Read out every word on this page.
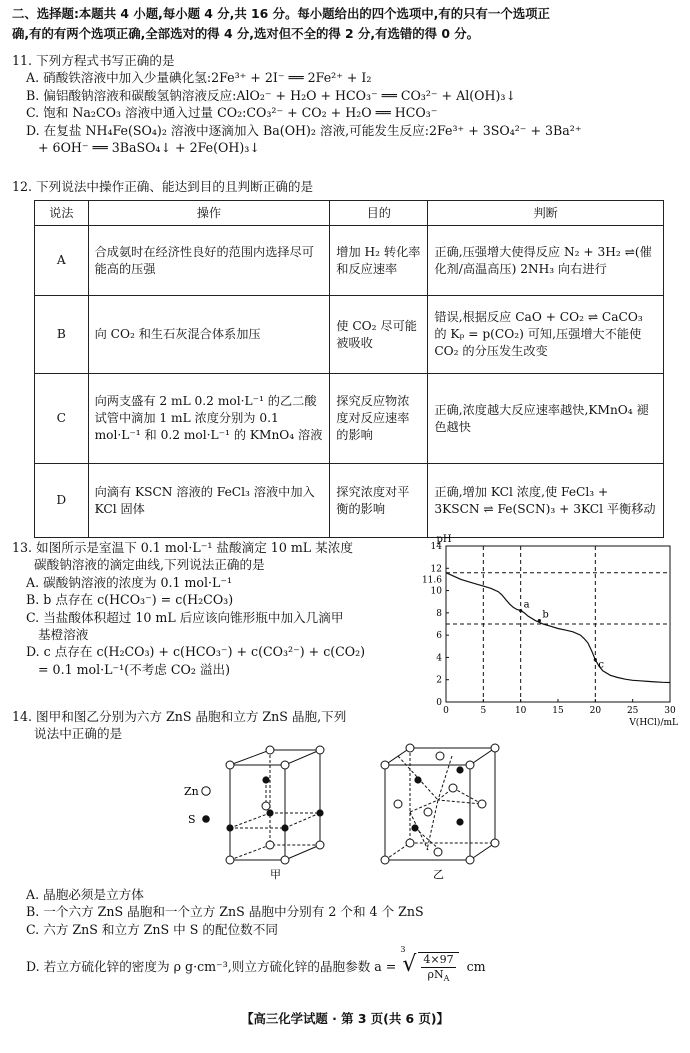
二、选择题:本题共 4 小题,每小题 4 分,共 16 分。每小题给出的四个选项中,有的只有一个选项正
确,有的有两个选项正确,全部选对的得 4 分,选对但不全的得 2 分,有选错的得 0 分。
11. 下列方程式书写正确的是
A. 硝酸铁溶液中加入少量碘化氢:2Fe³⁺ + 2I⁻ ══ 2Fe²⁺ + I₂
B. 偏铝酸钠溶液和碳酸氢钠溶液反应:AlO₂⁻ + H₂O + HCO₃⁻ ══ CO₃²⁻ + Al(OH)₃↓
C. 饱和 Na₂CO₃ 溶液中通入过量 CO₂:CO₃²⁻ + CO₂ + H₂O ══ HCO₃⁻
D. 在复盐 NH₄Fe(SO₄)₂ 溶液中逐滴加入 Ba(OH)₂ 溶液,可能发生反应:2Fe³⁺ + 3SO₄²⁻ + 3Ba²⁺
+ 6OH⁻ ══ 3BaSO₄↓ + 2Fe(OH)₃↓
12. 下列说法中操作正确、能达到目的且判断正确的是
说法	操作	目的	判断
A	合成氨时在经济性良好的范围内选择尽可能高的压强	增加 H₂ 转化率和反应速率	正确,压强增大使得反应 N₂ + 3H₂ ⇌(催化剂/高温高压) 2NH₃ 向右进行
B	向 CO₂ 和生石灰混合体系加压	使 CO₂ 尽可能被吸收	错误,根据反应 CaO + CO₂ ⇌ CaCO₃ 的 Kₚ = p(CO₂) 可知,压强增大不能使 CO₂ 的分压发生改变
C	向两支盛有 2 mL 0.2 mol·L⁻¹ 的乙二酸试管中滴加 1 mL 浓度分别为 0.1 mol·L⁻¹ 和 0.2 mol·L⁻¹ 的 KMnO₄ 溶液	探究反应物浓度对反应速率的影响	正确,浓度越大反应速率越快,KMnO₄ 褪色越快
D	向滴有 KSCN 溶液的 FeCl₃ 溶液中加入 KCl 固体	探究浓度对平衡的影响	正确,增加 KCl 浓度,使 FeCl₃ + 3KSCN ⇌ Fe(SCN)₃ + 3KCl 平衡移动
13. 如图所示是室温下 0.1 mol·L⁻¹ 盐酸滴定 10 mL 某浓度
碳酸钠溶液的滴定曲线,下列说法正确的是
A. 碳酸钠溶液的浓度为 0.1 mol·L⁻¹
B. b 点存在 c(HCO₃⁻) = c(H₂CO₃)
C. 当盐酸体积超过 10 mL 后应该向锥形瓶中加入几滴甲
基橙溶液
D. c 点存在 c(H₂CO₃) + c(HCO₃⁻) + c(CO₃²⁻) + c(CO₂)
= 0.1 mol·L⁻¹(不考虑 CO₂ 溢出)
0	5	10	15	20	25	30
0
2
4
6
8
10
12
14
11.6
pH
V(HCl)/mL
a
b
c
14. 图甲和图乙分别为六方 ZnS 晶胞和立方 ZnS 晶胞,下列
说法中正确的是
Zn
S
甲	乙
A. 晶胞必须是立方体
B. 一个六方 ZnS 晶胞和一个立方 ZnS 晶胞中分别有 2 个和 4 个 ZnS
C. 六方 ZnS 和立方 ZnS 中 S 的配位数不同
D. 若立方硫化锌的密度为 ρ g·cm⁻³,则立方硫化锌的晶胞参数 a =
3
√ 4×97
$\rho N_A$
cm
【高三化学试题 · 第 3 页(共 6 页)】
